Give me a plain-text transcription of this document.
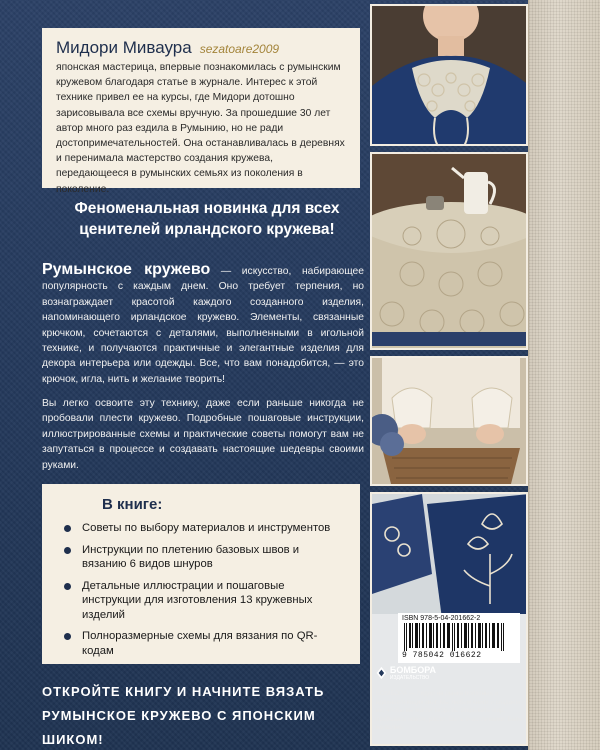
Мидори Миваура sezatoare2009

японская мастерица, впервые познакомилась с румынским кружевом благодаря статье в журнале. Интерес к этой технике привел ее на курсы, где Мидори дотошно зарисовывала все схемы вручную. За прошедшие 30 лет автор много раз ездила в Румынию, но не ради достопримечательностей. Она останавливалась в деревнях и перенимала мастерство создания кружева, передающееся в румынских семьях из поколения в поколение.

Феноменальная новинка для всех ценителей ирландского кружева!

Румынское кружево — искусство, набирающее популярность с каждым днем. Оно требует терпения, но вознаграждает красотой каждого созданного изделия, напоминающего ирландское кружево. Элементы, связанные крючком, сочетаются с деталями, выполненными в игольной технике, и получаются практичные и элегантные изделия для декора интерьера или одежды. Все, что вам понадобится, — это крючок, игла, нить и желание творить!

Вы легко освоите эту технику, даже если раньше никогда не пробовали плести кружево. Подробные пошаговые инструкции, иллюстрированные схемы и практические советы помогут вам не запутаться в процессе и создавать настоящие шедевры своими руками.

В книге:
Советы по выбору материалов и инструментов
Инструкции по плетению базовых швов и вязанию 6 видов шнуров
Детальные иллюстрации и пошаговые инструкции для изготовления 13 кружевных изделий
Полноразмерные схемы для вязания по QR-кодам
ОТКРОЙТЕ КНИГУ И НАЧНИТЕ ВЯЗАТЬ
РУМЫНСКОЕ КРУЖЕВО С ЯПОНСКИМ ШИКОМ!
ISBN 978-5-04-201662-2
9 785042 016622
БОМБОРА
ИЗДАТЕЛЬСТВО

БОМБОРА — лидер на рынке полезных и вдохновляющих книг. Мы любим книги и создаем их, чтобы вы могли творить, открывать мир, пробовать новое, расти. Быть счастливыми. Быть на волне.
